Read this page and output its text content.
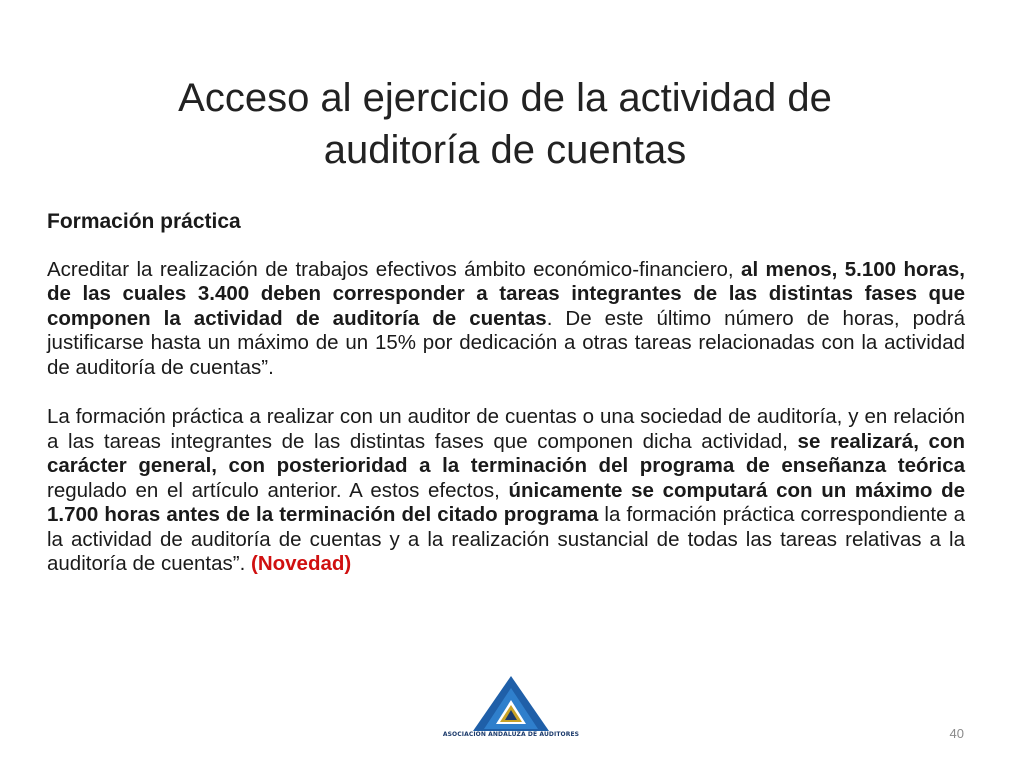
Acceso al ejercicio de la actividad de
auditoría de cuentas

Formación práctica

Acreditar la realización de trabajos efectivos ámbito económico-financiero, al menos, 5.100 horas, de las cuales 3.400 deben corresponder a tareas integrantes de las distintas fases que componen la actividad de auditoría de cuentas. De este último número de horas, podrá justificarse hasta un máximo de un 15% por dedicación a otras tareas relacionadas con la actividad de auditoría de cuentas”.

La formación práctica a realizar con un auditor de cuentas o una sociedad de auditoría, y en relación a las tareas integrantes de las distintas fases que componen dicha actividad, se realizará, con carácter general, con posterioridad a la terminación del programa de enseñanza teórica regulado en el artículo anterior. A estos efectos, únicamente se computará con un máximo de 1.700 horas antes de la terminación del citado programa la formación práctica correspondiente a la actividad de auditoría de cuentas y a la realización sustancial de todas las tareas relativas a la auditoría de cuentas”. (Novedad)

ASOCIACION ANDALUZA DE AUDITORES	40
